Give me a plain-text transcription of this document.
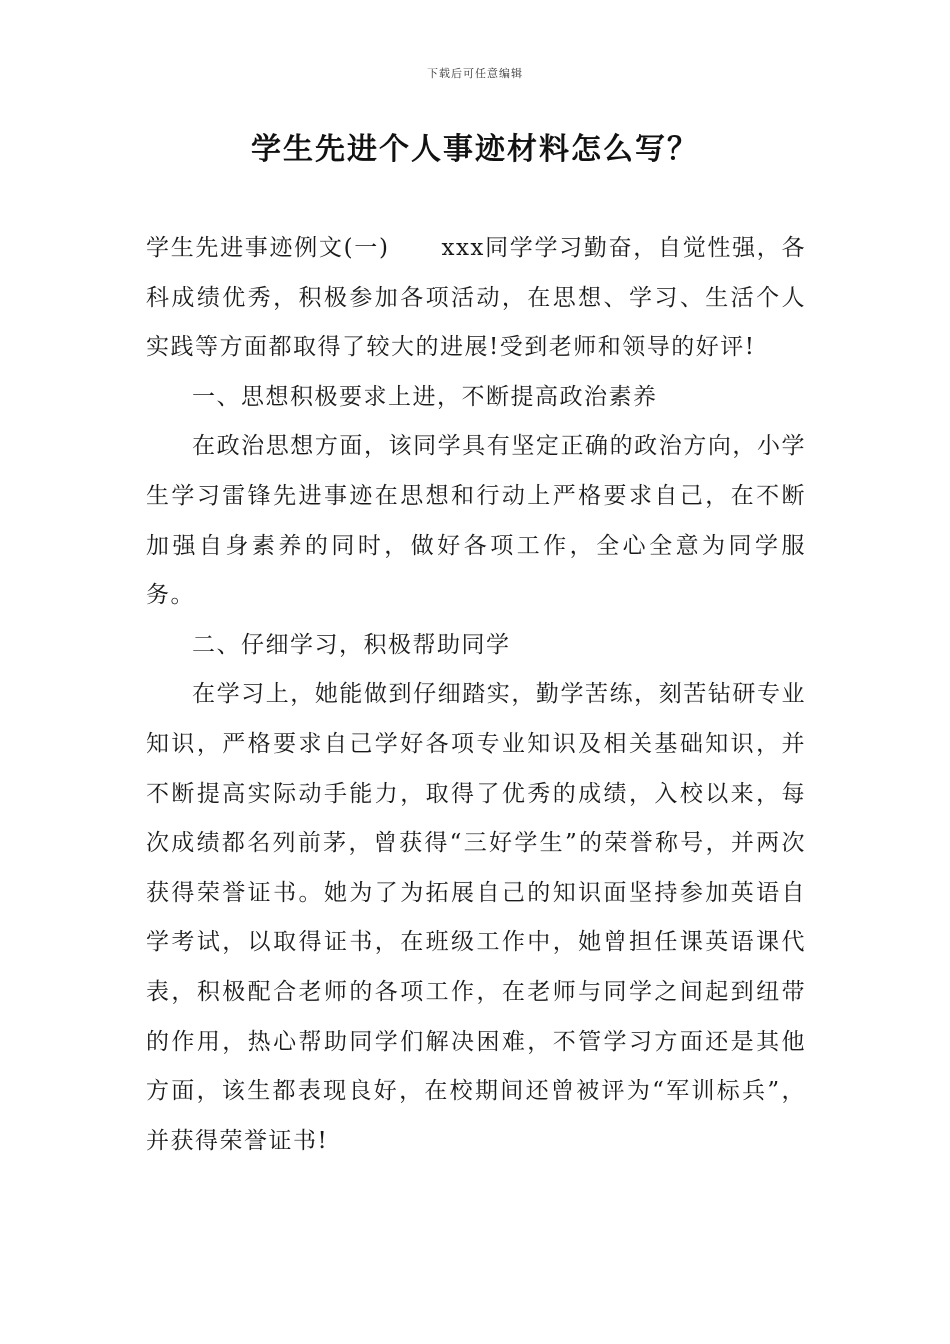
下载后可任意编辑
学生先进个人事迹材料怎么写？

学生先进事迹例文(一) xxx同学学习勤奋，自觉性强，各科成绩优秀，积极参加各项活动，在思想、学习、生活个人实践等方面都取得了较大的进展!受到老师和领导的好评!

一、思想积极要求上进，不断提高政治素养

在政治思想方面，该同学具有坚定正确的政治方向，小学生学习雷锋先进事迹在思想和行动上严格要求自己，在不断加强自身素养的同时，做好各项工作，全心全意为同学服务。

二、仔细学习，积极帮助同学

在学习上，她能做到仔细踏实，勤学苦练，刻苦钻研专业知识，严格要求自己学好各项专业知识及相关基础知识，并不断提高实际动手能力，取得了优秀的成绩，入校以来，每次成绩都名列前茅，曾获得“三好学生”的荣誉称号，并两次获得荣誉证书。她为了为拓展自己的知识面坚持参加英语自学考试，以取得证书，在班级工作中，她曾担任课英语课代表，积极配合老师的各项工作，在老师与同学之间起到纽带的作用，热心帮助同学们解决困难，不管学习方面还是其他方面，该生都表现良好，在校期间还曾被评为“军训标兵”，并获得荣誉证书!
